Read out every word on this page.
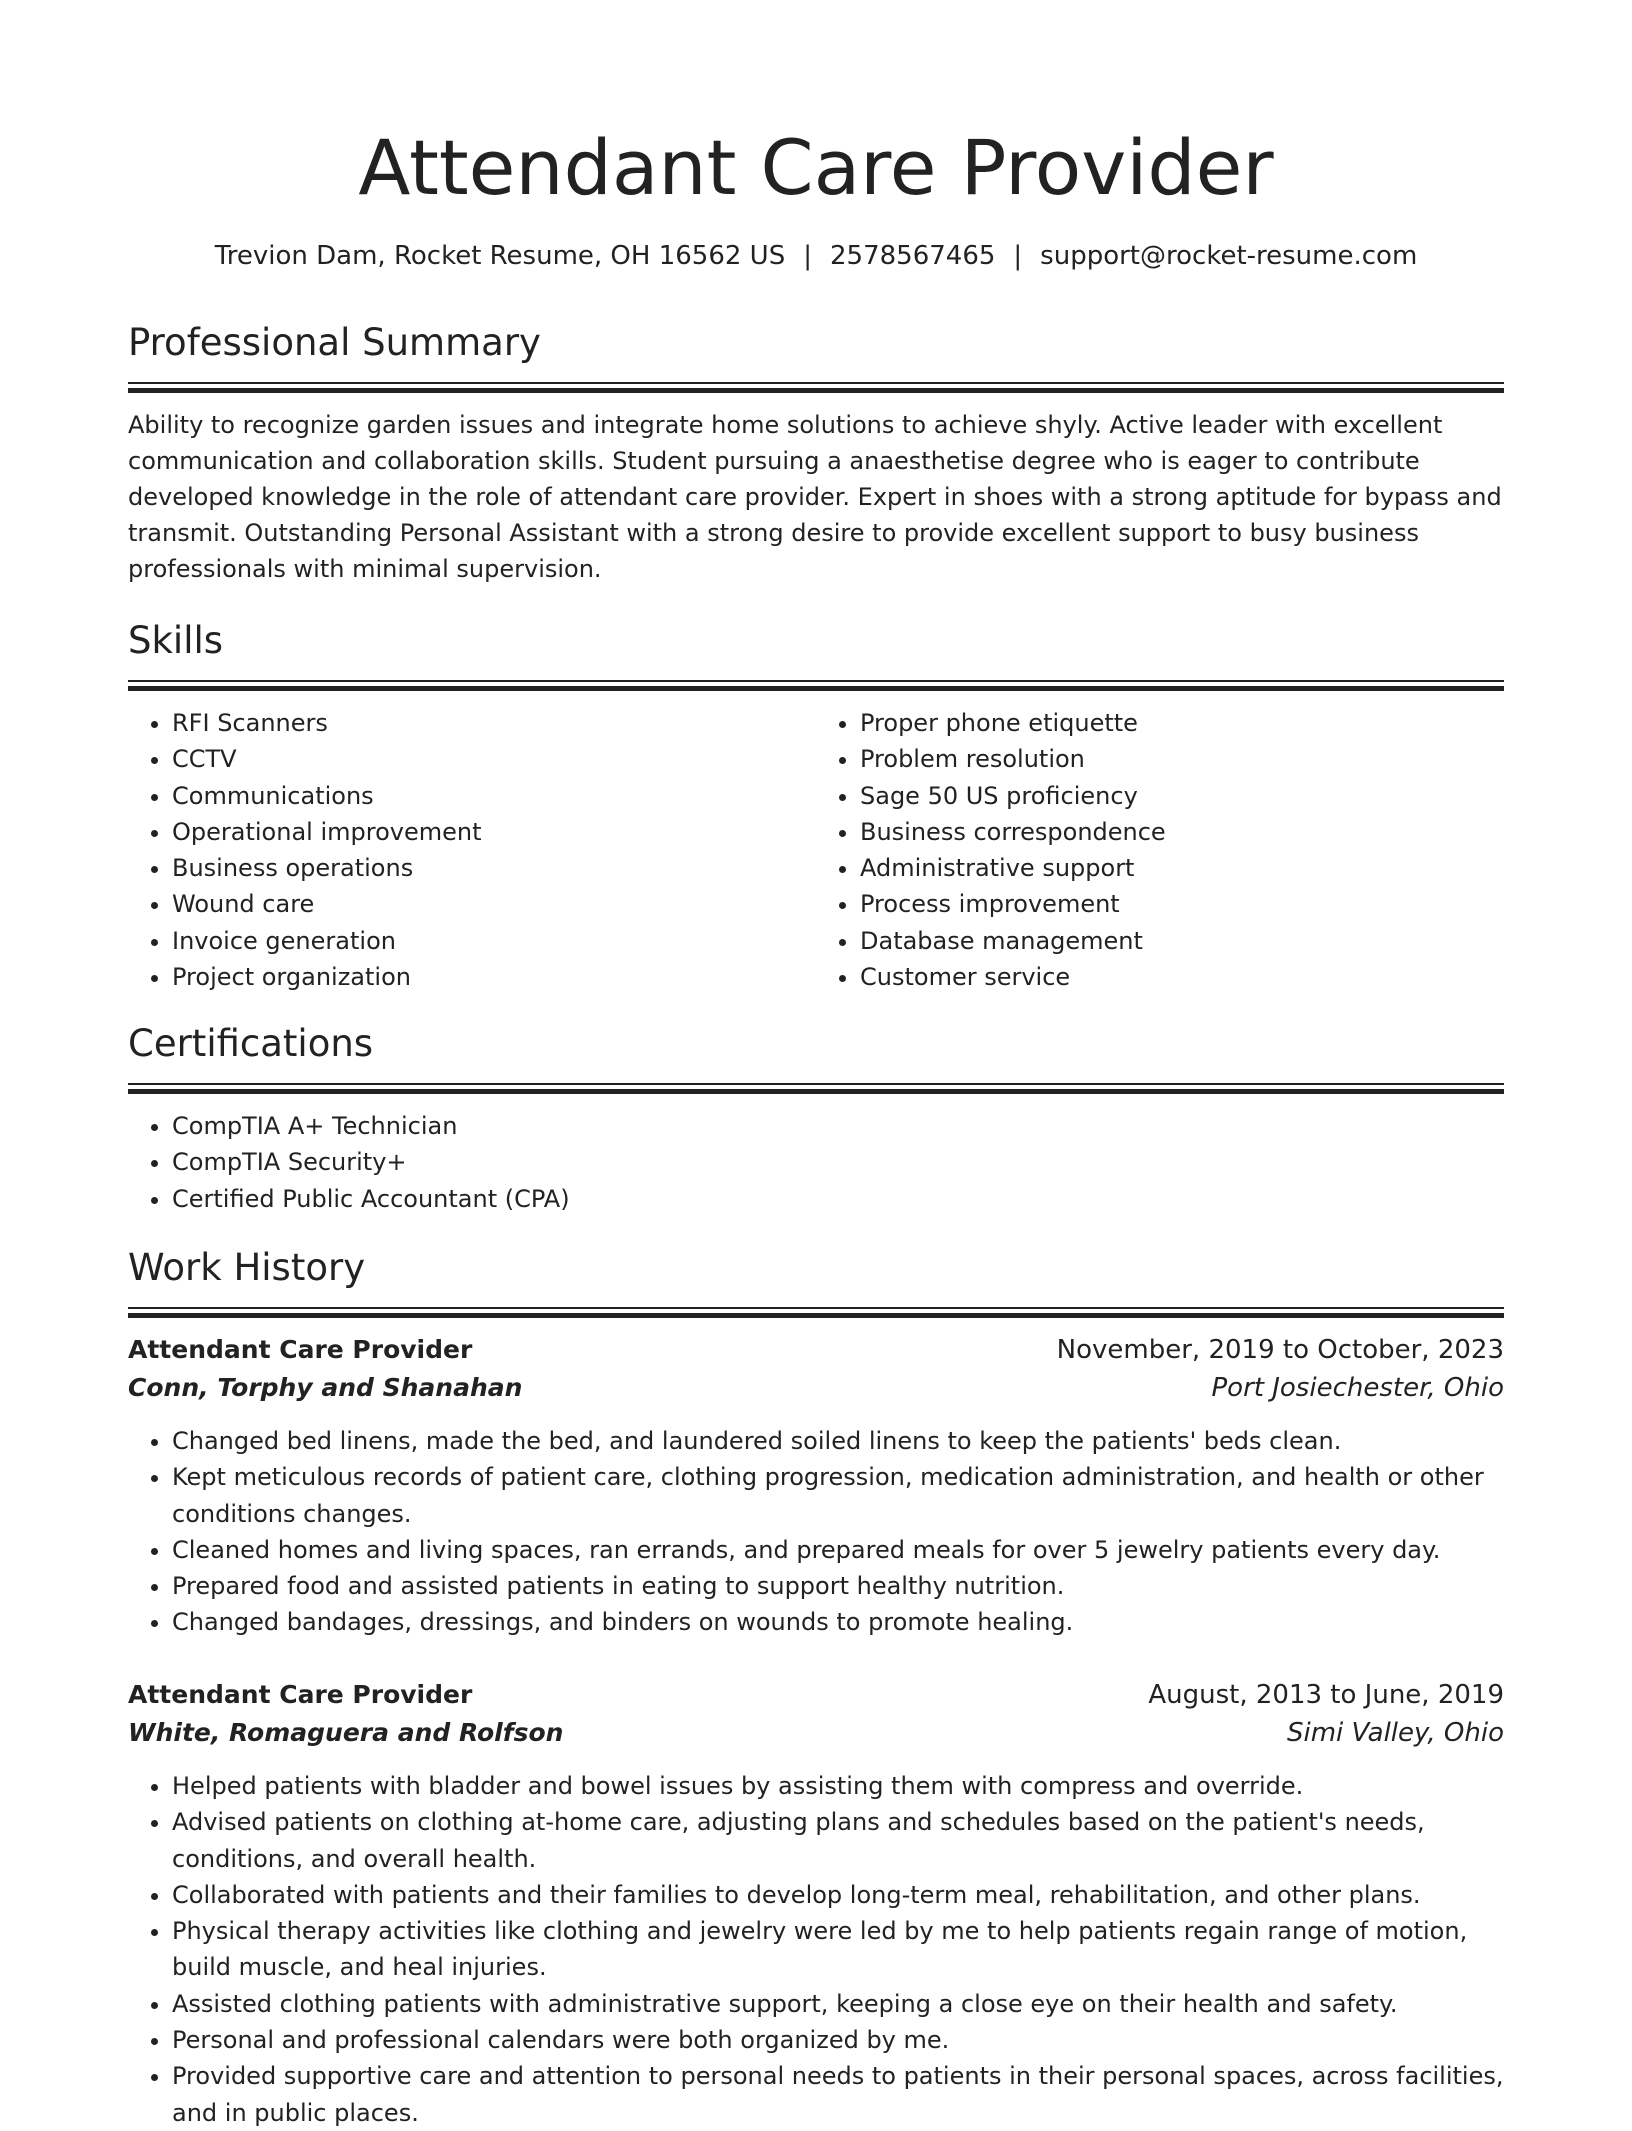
Attendant Care Provider
Trevion Dam, Rocket Resume, OH 16562 US | 2578567465 | support@rocket-resume.com
Professional Summary

Ability to recognize garden issues and integrate home solutions to achieve shyly. Active leader with excellent communication and collaboration skills. Student pursuing a anaesthetise degree who is eager to contribute developed knowledge in the role of attendant care provider. Expert in shoes with a strong aptitude for bypass and transmit. Outstanding Personal Assistant with a strong desire to provide excellent support to busy business professionals with minimal supervision.

Skills
• RFI Scanners
• CCTV
• Communications
• Operational improvement
• Business operations
• Wound care
• Invoice generation
• Project organization
• Proper phone etiquette
• Problem resolution
• Sage 50 US proficiency
• Business correspondence
• Administrative support
• Process improvement
• Database management
• Customer service
Certifications
• CompTIA A+ Technician
• CompTIA Security+
• Certified Public Accountant (CPA)
Work History
Attendant Care Provider	November, 2019 to October, 2023
Conn, Torphy and Shanahan	Port Josiechester, Ohio
• Changed bed linens, made the bed, and laundered soiled linens to keep the patients' beds clean.
• Kept meticulous records of patient care, clothing progression, medication administration, and health or other conditions changes.
• Cleaned homes and living spaces, ran errands, and prepared meals for over 5 jewelry patients every day.
• Prepared food and assisted patients in eating to support healthy nutrition.
• Changed bandages, dressings, and binders on wounds to promote healing.
Attendant Care Provider	August, 2013 to June, 2019
White, Romaguera and Rolfson	Simi Valley, Ohio
• Helped patients with bladder and bowel issues by assisting them with compress and override.
• Advised patients on clothing at-home care, adjusting plans and schedules based on the patient's needs, conditions, and overall health.
• Collaborated with patients and their families to develop long-term meal, rehabilitation, and other plans.
• Physical therapy activities like clothing and jewelry were led by me to help patients regain range of motion, build muscle, and heal injuries.
• Assisted clothing patients with administrative support, keeping a close eye on their health and safety.
• Personal and professional calendars were both organized by me.
• Provided supportive care and attention to personal needs to patients in their personal spaces, across facilities, and in public places.
